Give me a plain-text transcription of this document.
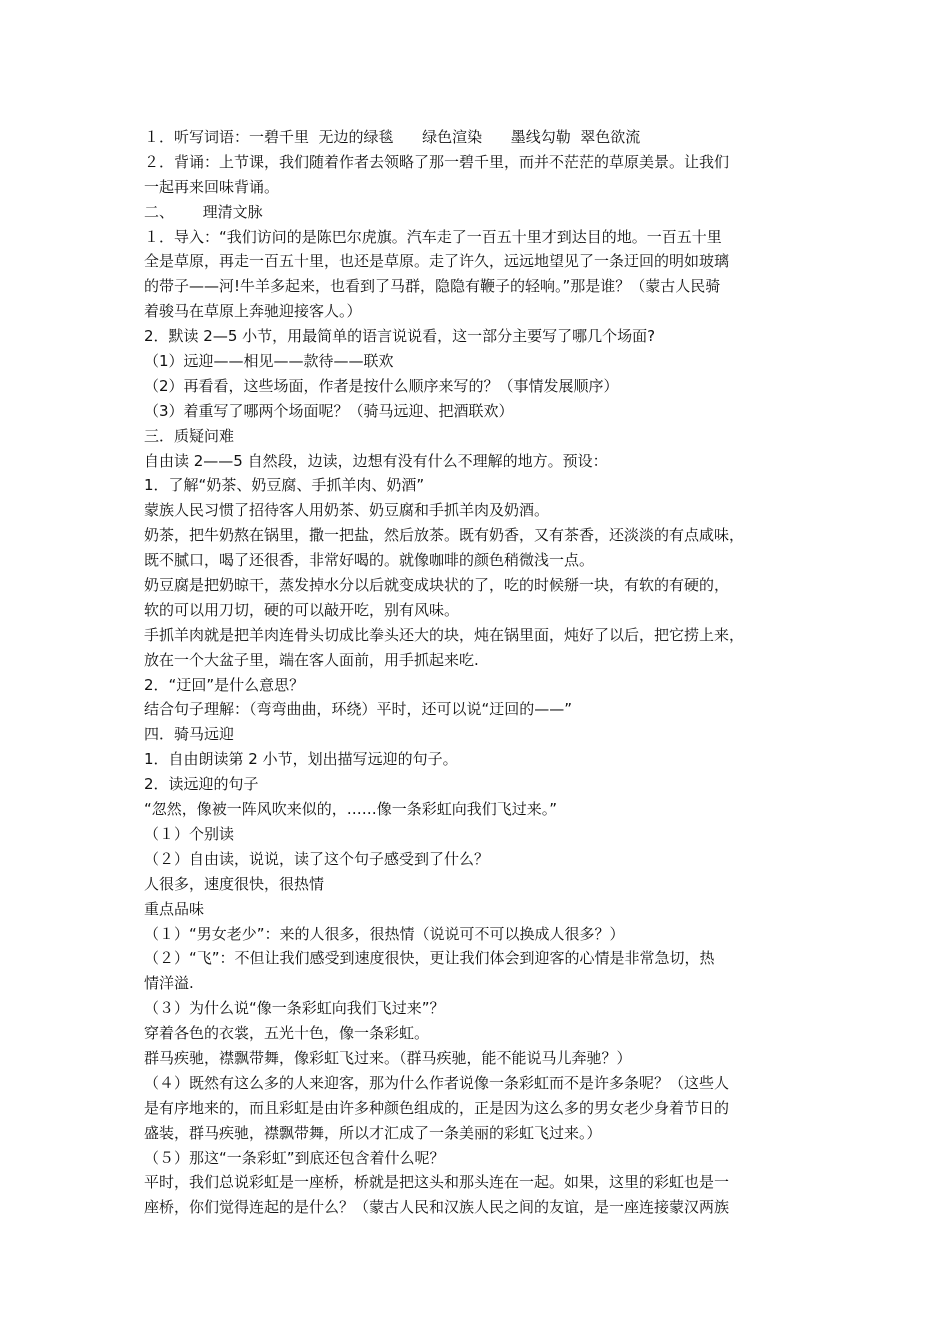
１．听写词语：一碧千里  无边的绿毯      绿色渲染      墨线勾勒  翠色欲流
２．背诵：上节课，我们随着作者去领略了那一碧千里，而并不茫茫的草原美景。让我们
一起再来回味背诵。
二、      理清文脉
１．导入：“我们访问的是陈巴尔虎旗。汽车走了一百五十里才到达目的地。一百五十里
全是草原，再走一百五十里，也还是草原。走了许久，远远地望见了一条迂回的明如玻璃
的带子——河!牛羊多起来，也看到了马群，隐隐有鞭子的轻响。”那是谁？（蒙古人民骑
着骏马在草原上奔驰迎接客人。）
2．默读 2—5 小节，用最简单的语言说说看，这一部分主要写了哪几个场面?
（1）远迎——相见——款待——联欢
（2）再看看，这些场面，作者是按什么顺序来写的？（事情发展顺序）
（3）着重写了哪两个场面呢？（骑马远迎、把酒联欢）
三．质疑问难
自由读 2——5 自然段，边读，边想有没有什么不理解的地方。预设：
1．了解“奶茶、奶豆腐、手抓羊肉、奶酒”
蒙族人民习惯了招待客人用奶茶、奶豆腐和手抓羊肉及奶酒。
奶茶，把牛奶熬在锅里，撒一把盐，然后放茶。既有奶香，又有茶香，还淡淡的有点咸味，
既不腻口，喝了还很香，非常好喝的。就像咖啡的颜色稍微浅一点。
奶豆腐是把奶晾干，蒸发掉水分以后就变成块状的了，吃的时候掰一块，有软的有硬的，
软的可以用刀切，硬的可以敲开吃，别有风味。
手抓羊肉就是把羊肉连骨头切成比拳头还大的块，炖在锅里面，炖好了以后，把它捞上来，
放在一个大盆子里，端在客人面前，用手抓起来吃.
2．“迂回”是什么意思？
结合句子理解：（弯弯曲曲，环绕）平时，还可以说“迂回的——”
四．骑马远迎
1．自由朗读第 2 小节，划出描写远迎的句子。
2．读远迎的句子
“忽然，像被一阵风吹来似的，……像一条彩虹向我们飞过来。”
（１）个别读
（２）自由读，说说，读了这个句子感受到了什么？
人很多，速度很快，很热情
重点品味
（１）“男女老少”：来的人很多，很热情（说说可不可以换成人很多？）
（２）“飞”：不但让我们感受到速度很快，更让我们体会到迎客的心情是非常急切，热
情洋溢.
（３）为什么说“像一条彩虹向我们飞过来”？
穿着各色的衣裳，五光十色，像一条彩虹。
群马疾驰，襟飘带舞，像彩虹飞过来。（群马疾驰，能不能说马儿奔驰？）
（４）既然有这么多的人来迎客，那为什么作者说像一条彩虹而不是许多条呢？（这些人
是有序地来的，而且彩虹是由许多种颜色组成的，正是因为这么多的男女老少身着节日的
盛装，群马疾驰，襟飘带舞，所以才汇成了一条美丽的彩虹飞过来。）
（５）那这“一条彩虹”到底还包含着什么呢？
平时，我们总说彩虹是一座桥，桥就是把这头和那头连在一起。如果，这里的彩虹也是一
座桥，你们觉得连起的是什么？（蒙古人民和汉族人民之间的友谊，是一座连接蒙汉两族
